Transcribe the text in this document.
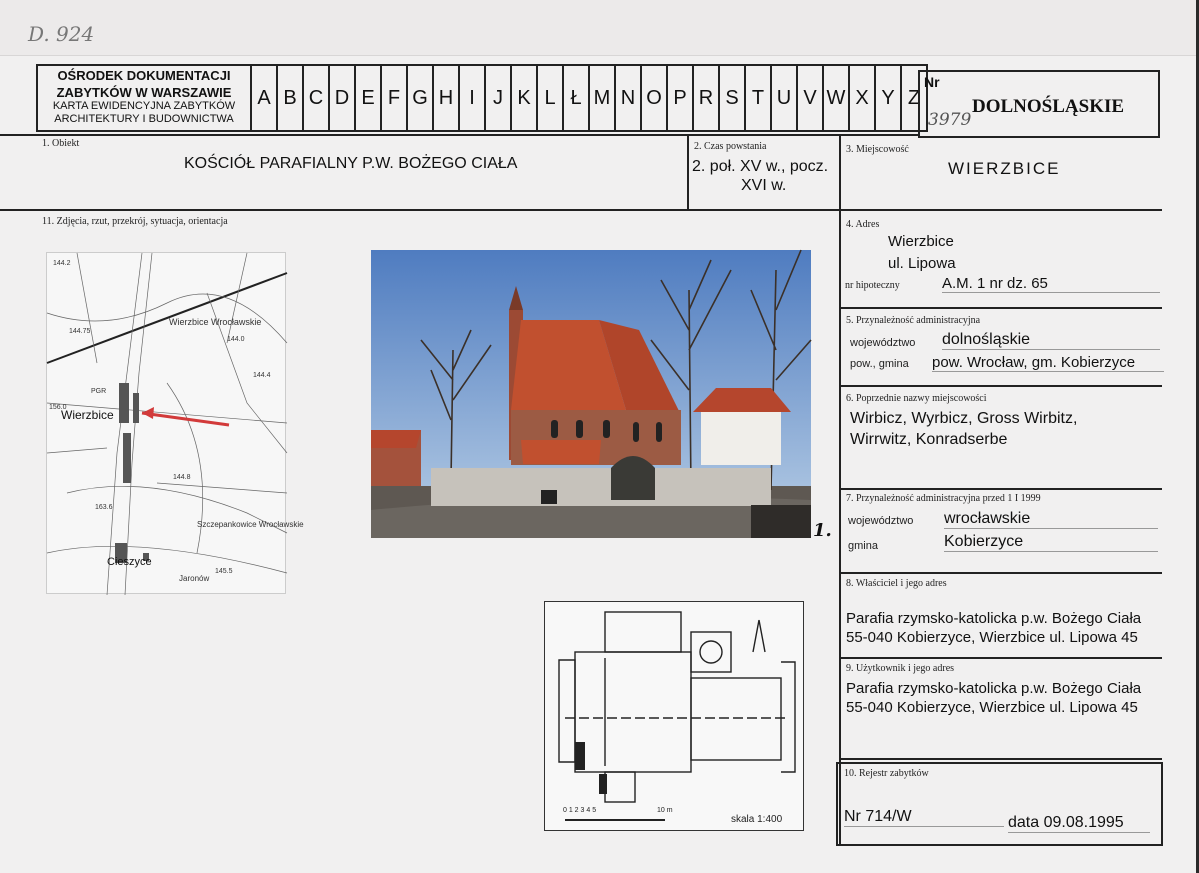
D. 924
OŚRODEK DOKUMENTACJI
ZABYTKÓW W WARSZAWIE
KARTA EWIDENCYJNA ZABYTKÓW
ARCHITEKTURY I BUDOWNICTWA
A B C D E F G H I J K L Ł M N O P R S T U V W X Y Z
Nr
DOLNOŚLĄSKIE
3979
1. Obiekt
KOŚCIÓŁ PARAFIALNY P.W. BOŻEGO CIAŁA
2. Czas powstania
2. poł. XV w., pocz.
XVI w.
3. Miejscowość
WIERZBICE
11. Zdjęcia, rzut, przekrój, sytuacja, orientacja
Wierzbice Wrocławskie
Wierzbice
Cieszyce
Szczepankowice Wrocławskie
Jaronów
144.2
144.75
144.0
144.4
156.0
144.8
163.6
145.5
PGR
1.
0 1 2 3 4 5	10 m
skala 1:400
4. Adres
Wierzbice
ul. Lipowa
nr hipoteczny	A.M. 1 nr dz. 65
5. Przynależność administracyjna
województwo dolnośląskie
pow., gmina pow. Wrocław, gm. Kobierzyce
6. Poprzednie nazwy miejscowości
Wirbicz, Wyrbicz, Gross Wirbitz,
Wirrwitz, Konradserbe
7. Przynależność administracyjna przed 1 I 1999
województwo wrocławskie
gmina	Kobierzyce
8. Właściciel i jego adres
Parafia rzymsko-katolicka p.w. Bożego Ciała
55-040 Kobierzyce, Wierzbice ul. Lipowa 45
9. Użytkownik i jego adres
Parafia rzymsko-katolicka p.w. Bożego Ciała
55-040 Kobierzyce, Wierzbice ul. Lipowa 45
10. Rejestr zabytków
Nr 714/W	data 09.08.1995
